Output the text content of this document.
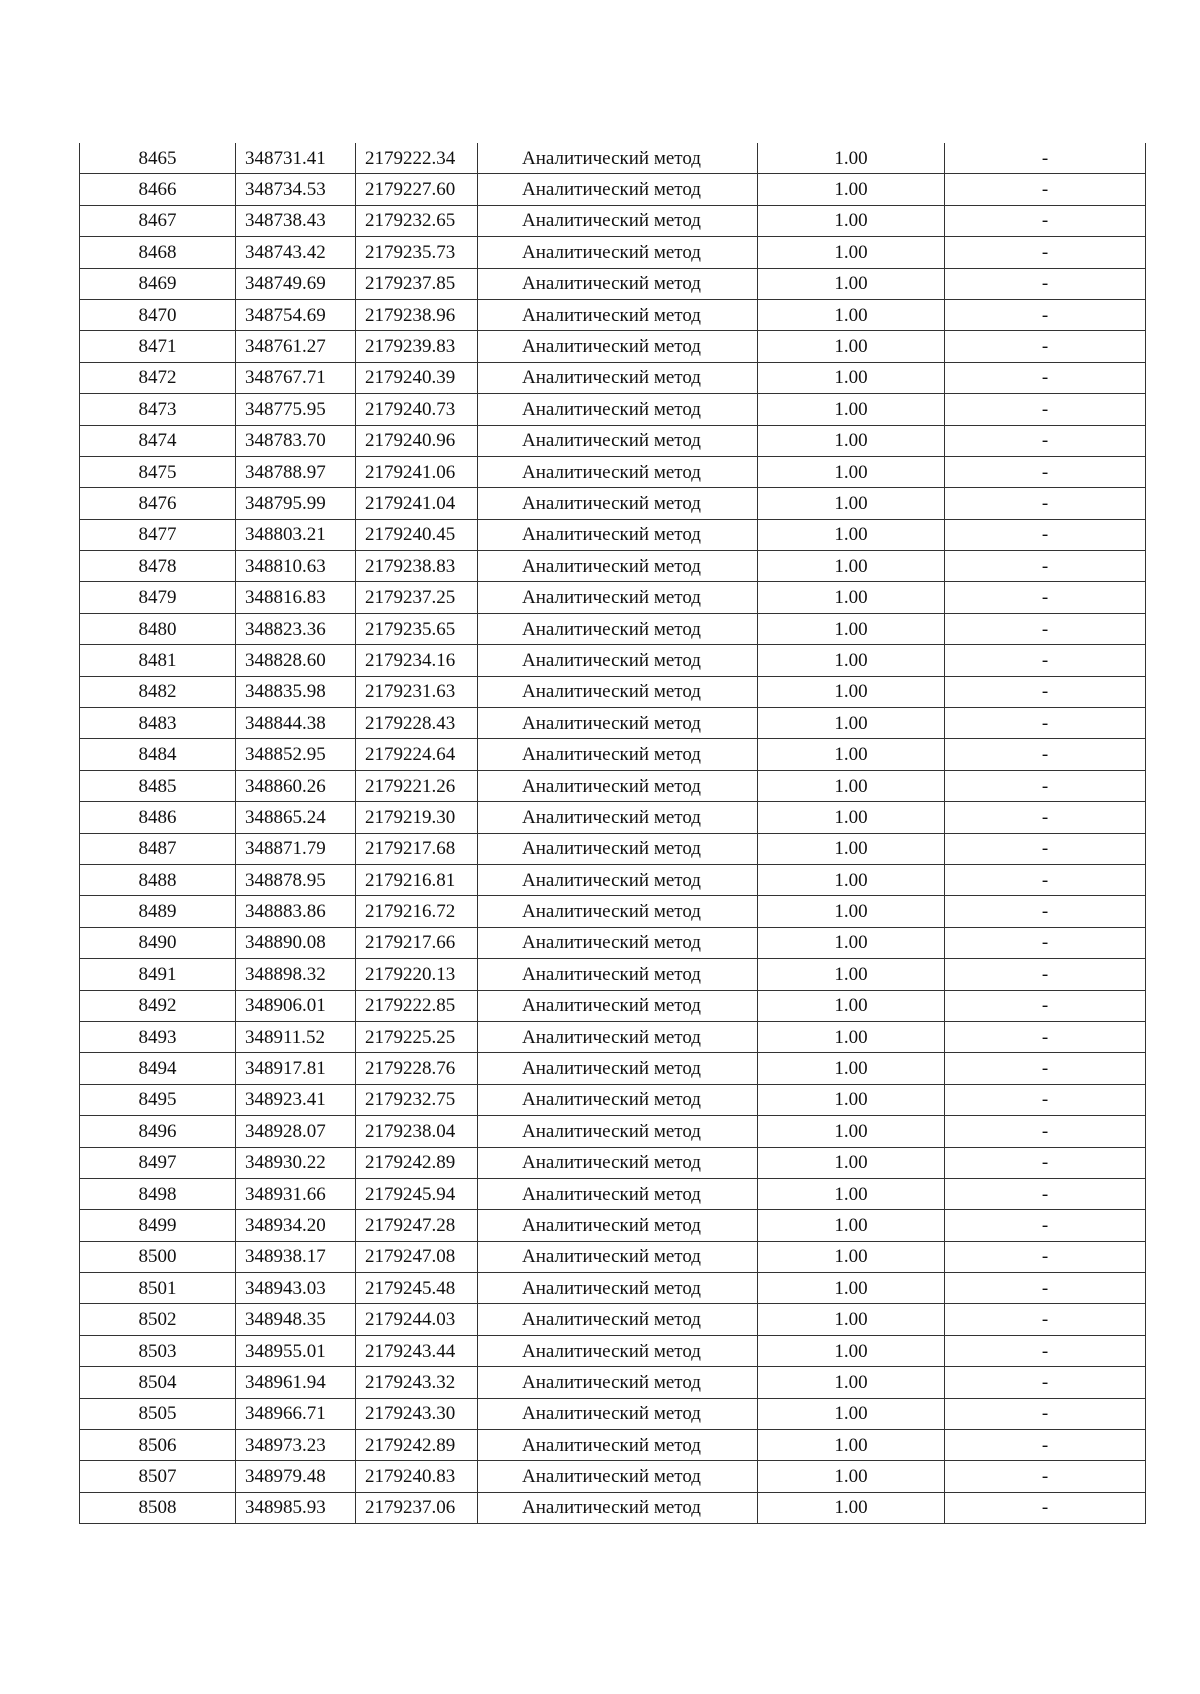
8465	348731.41	2179222.34	Аналитический метод	1.00	-
8466	348734.53	2179227.60	Аналитический метод	1.00	-
8467	348738.43	2179232.65	Аналитический метод	1.00	-
8468	348743.42	2179235.73	Аналитический метод	1.00	-
8469	348749.69	2179237.85	Аналитический метод	1.00	-
8470	348754.69	2179238.96	Аналитический метод	1.00	-
8471	348761.27	2179239.83	Аналитический метод	1.00	-
8472	348767.71	2179240.39	Аналитический метод	1.00	-
8473	348775.95	2179240.73	Аналитический метод	1.00	-
8474	348783.70	2179240.96	Аналитический метод	1.00	-
8475	348788.97	2179241.06	Аналитический метод	1.00	-
8476	348795.99	2179241.04	Аналитический метод	1.00	-
8477	348803.21	2179240.45	Аналитический метод	1.00	-
8478	348810.63	2179238.83	Аналитический метод	1.00	-
8479	348816.83	2179237.25	Аналитический метод	1.00	-
8480	348823.36	2179235.65	Аналитический метод	1.00	-
8481	348828.60	2179234.16	Аналитический метод	1.00	-
8482	348835.98	2179231.63	Аналитический метод	1.00	-
8483	348844.38	2179228.43	Аналитический метод	1.00	-
8484	348852.95	2179224.64	Аналитический метод	1.00	-
8485	348860.26	2179221.26	Аналитический метод	1.00	-
8486	348865.24	2179219.30	Аналитический метод	1.00	-
8487	348871.79	2179217.68	Аналитический метод	1.00	-
8488	348878.95	2179216.81	Аналитический метод	1.00	-
8489	348883.86	2179216.72	Аналитический метод	1.00	-
8490	348890.08	2179217.66	Аналитический метод	1.00	-
8491	348898.32	2179220.13	Аналитический метод	1.00	-
8492	348906.01	2179222.85	Аналитический метод	1.00	-
8493	348911.52	2179225.25	Аналитический метод	1.00	-
8494	348917.81	2179228.76	Аналитический метод	1.00	-
8495	348923.41	2179232.75	Аналитический метод	1.00	-
8496	348928.07	2179238.04	Аналитический метод	1.00	-
8497	348930.22	2179242.89	Аналитический метод	1.00	-
8498	348931.66	2179245.94	Аналитический метод	1.00	-
8499	348934.20	2179247.28	Аналитический метод	1.00	-
8500	348938.17	2179247.08	Аналитический метод	1.00	-
8501	348943.03	2179245.48	Аналитический метод	1.00	-
8502	348948.35	2179244.03	Аналитический метод	1.00	-
8503	348955.01	2179243.44	Аналитический метод	1.00	-
8504	348961.94	2179243.32	Аналитический метод	1.00	-
8505	348966.71	2179243.30	Аналитический метод	1.00	-
8506	348973.23	2179242.89	Аналитический метод	1.00	-
8507	348979.48	2179240.83	Аналитический метод	1.00	-
8508	348985.93	2179237.06	Аналитический метод	1.00	-
